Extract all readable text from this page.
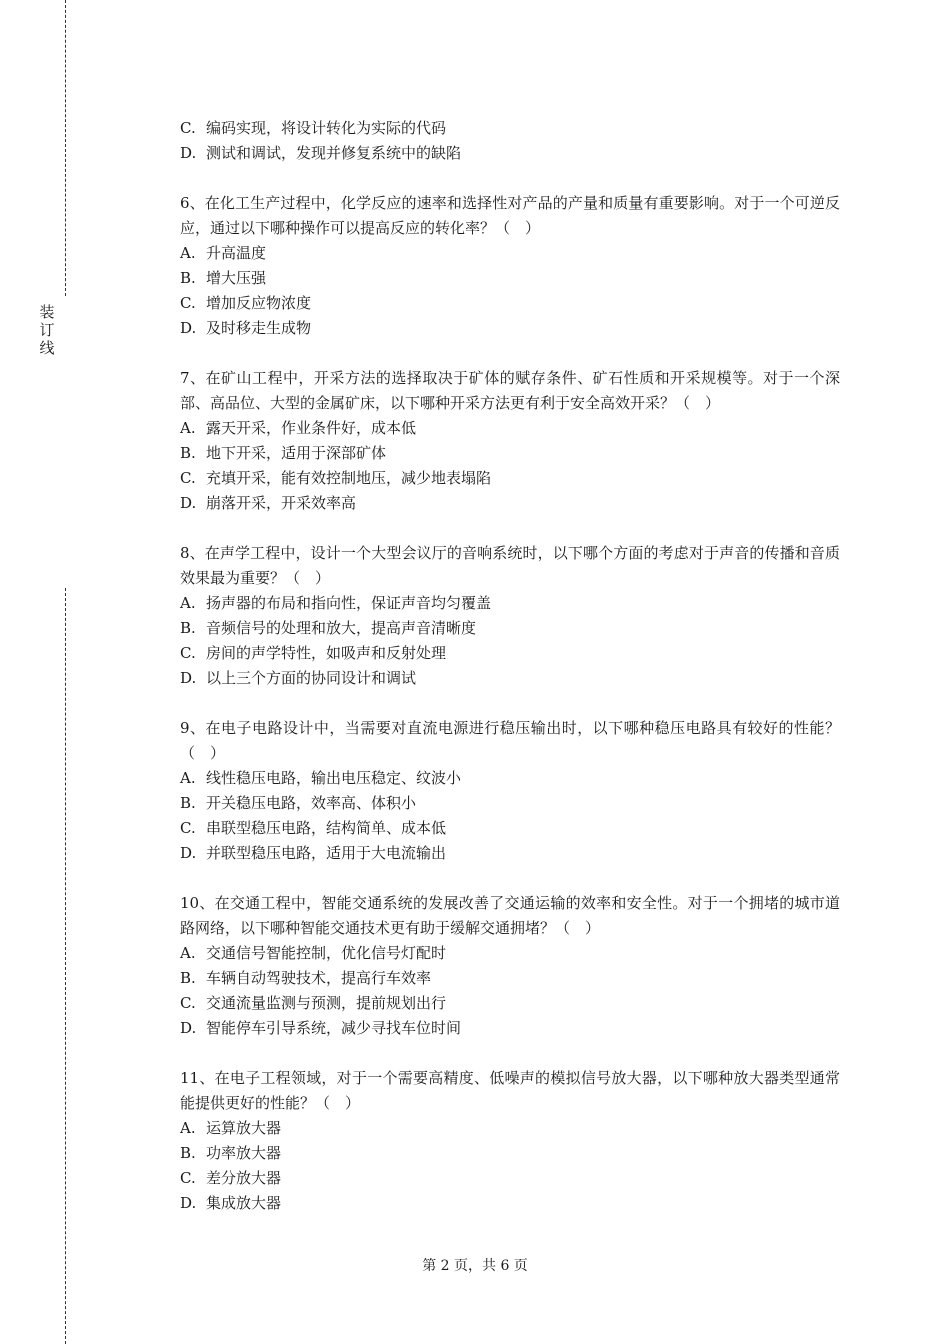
装
订
线
C. 编码实现，将设计转化为实际的代码
D. 测试和调试，发现并修复系统中的缺陷
6、在化工生产过程中，化学反应的速率和选择性对产品的产量和质量有重要影响。对于一个可逆反应，通过以下哪种操作可以提高反应的转化率？（　）
A. 升高温度
B. 增大压强
C. 增加反应物浓度
D. 及时移走生成物
7、在矿山工程中，开采方法的选择取决于矿体的赋存条件、矿石性质和开采规模等。对于一个深部、高品位、大型的金属矿床，以下哪种开采方法更有利于安全高效开采？（　）
A. 露天开采，作业条件好，成本低
B. 地下开采，适用于深部矿体
C. 充填开采，能有效控制地压，减少地表塌陷
D. 崩落开采，开采效率高
8、在声学工程中，设计一个大型会议厅的音响系统时，以下哪个方面的考虑对于声音的传播和音质效果最为重要？（　）
A. 扬声器的布局和指向性，保证声音均匀覆盖
B. 音频信号的处理和放大，提高声音清晰度
C. 房间的声学特性，如吸声和反射处理
D. 以上三个方面的协同设计和调试
9、在电子电路设计中，当需要对直流电源进行稳压输出时，以下哪种稳压电路具有较好的性能？（　）
A. 线性稳压电路，输出电压稳定、纹波小
B. 开关稳压电路，效率高、体积小
C. 串联型稳压电路，结构简单、成本低
D. 并联型稳压电路，适用于大电流输出
10、在交通工程中，智能交通系统的发展改善了交通运输的效率和安全性。对于一个拥堵的城市道路网络，以下哪种智能交通技术更有助于缓解交通拥堵？（　）
A. 交通信号智能控制，优化信号灯配时
B. 车辆自动驾驶技术，提高行车效率
C. 交通流量监测与预测，提前规划出行
D. 智能停车引导系统，减少寻找车位时间
11、在电子工程领域，对于一个需要高精度、低噪声的模拟信号放大器，以下哪种放大器类型通常能提供更好的性能？（　）
A. 运算放大器
B. 功率放大器
C. 差分放大器
D. 集成放大器
第 2 页，共 6 页
